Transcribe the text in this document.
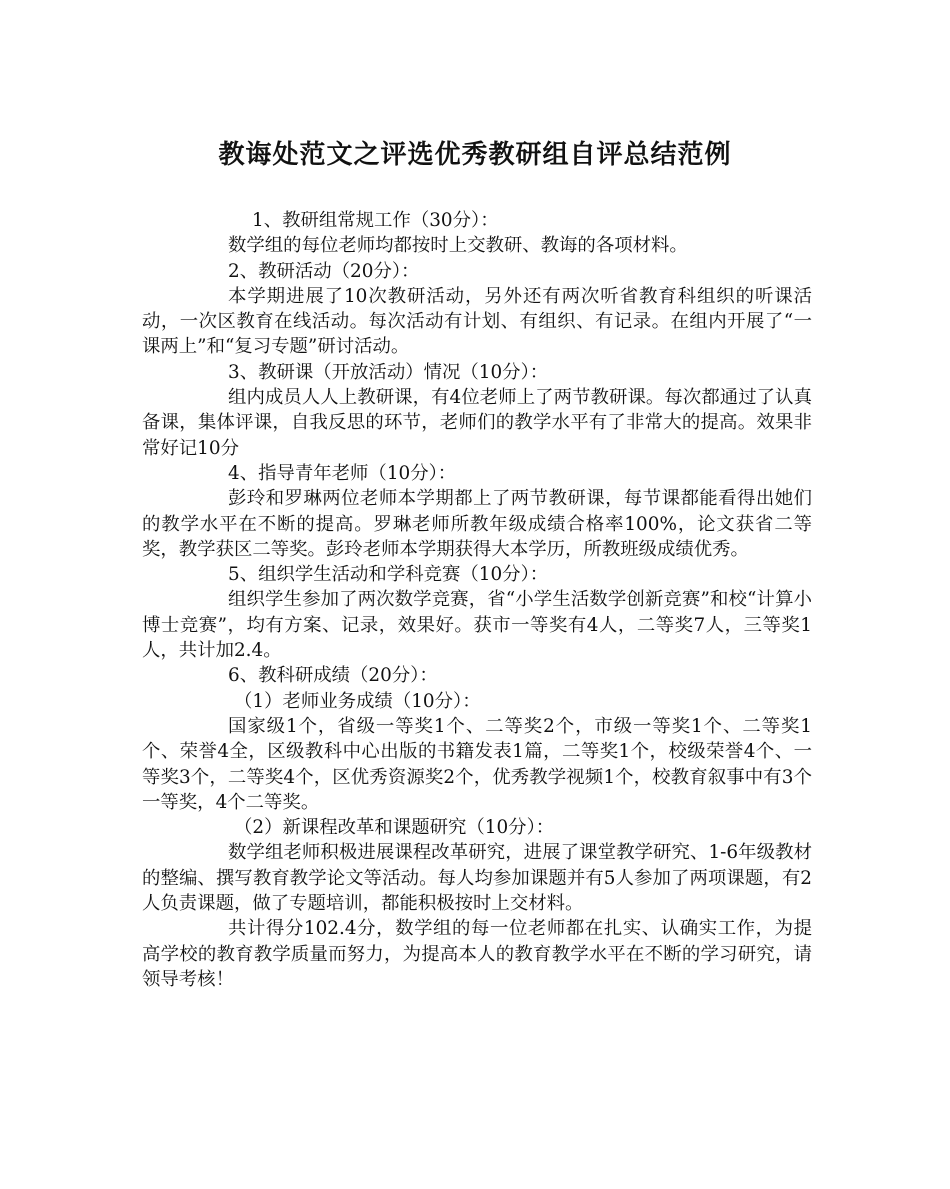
教诲处范文之评选优秀教研组自评总结范例

1、教研组常规工作（30分）：

数学组的每位老师均都按时上交教研、教诲的各项材料。

2、教研活动（20分）：

本学期进展了10次教研活动，另外还有两次听省教育科组织的听课活动，一次区教育在线活动。每次活动有计划、有组织、有记录。在组内开展了“一课两上”和“复习专题”研讨活动。

3、教研课（开放活动）情况（10分）：

组内成员人人上教研课，有4位老师上了两节教研课。每次都通过了认真备课，集体评课，自我反思的环节，老师们的教学水平有了非常大的提高。效果非常好记10分

4、指导青年老师（10分）：

彭玲和罗琳两位老师本学期都上了两节教研课，每节课都能看得出她们的教学水平在不断的提高。罗琳老师所教年级成绩合格率100%，论文获省二等奖，教学获区二等奖。彭玲老师本学期获得大本学历，所教班级成绩优秀。

5、组织学生活动和学科竞赛（10分）：

组织学生参加了两次数学竞赛，省“小学生活数学创新竞赛”和校“计算小博士竞赛”，均有方案、记录，效果好。获市一等奖有4人，二等奖7人，三等奖1人，共计加2.4。

6、教科研成绩（20分）：

（1）老师业务成绩（10分）：

国家级1个，省级一等奖1个、二等奖2个，市级一等奖1个、二等奖1个、荣誉4全，区级教科中心出版的书籍发表1篇，二等奖1个，校级荣誉4个、一等奖3个，二等奖4个，区优秀资源奖2个，优秀教学视频1个，校教育叙事中有3个一等奖，4个二等奖。

（2）新课程改革和课题研究（10分）：

数学组老师积极进展课程改革研究，进展了课堂教学研究、1-6年级教材的整编、撰写教育教学论文等活动。每人均参加课题并有5人参加了两项课题，有2人负责课题，做了专题培训，都能积极按时上交材料。

共计得分102.4分，数学组的每一位老师都在扎实、认确实工作，为提高学校的教育教学质量而努力，为提高本人的教育教学水平在不断的学习研究，请领导考核！
